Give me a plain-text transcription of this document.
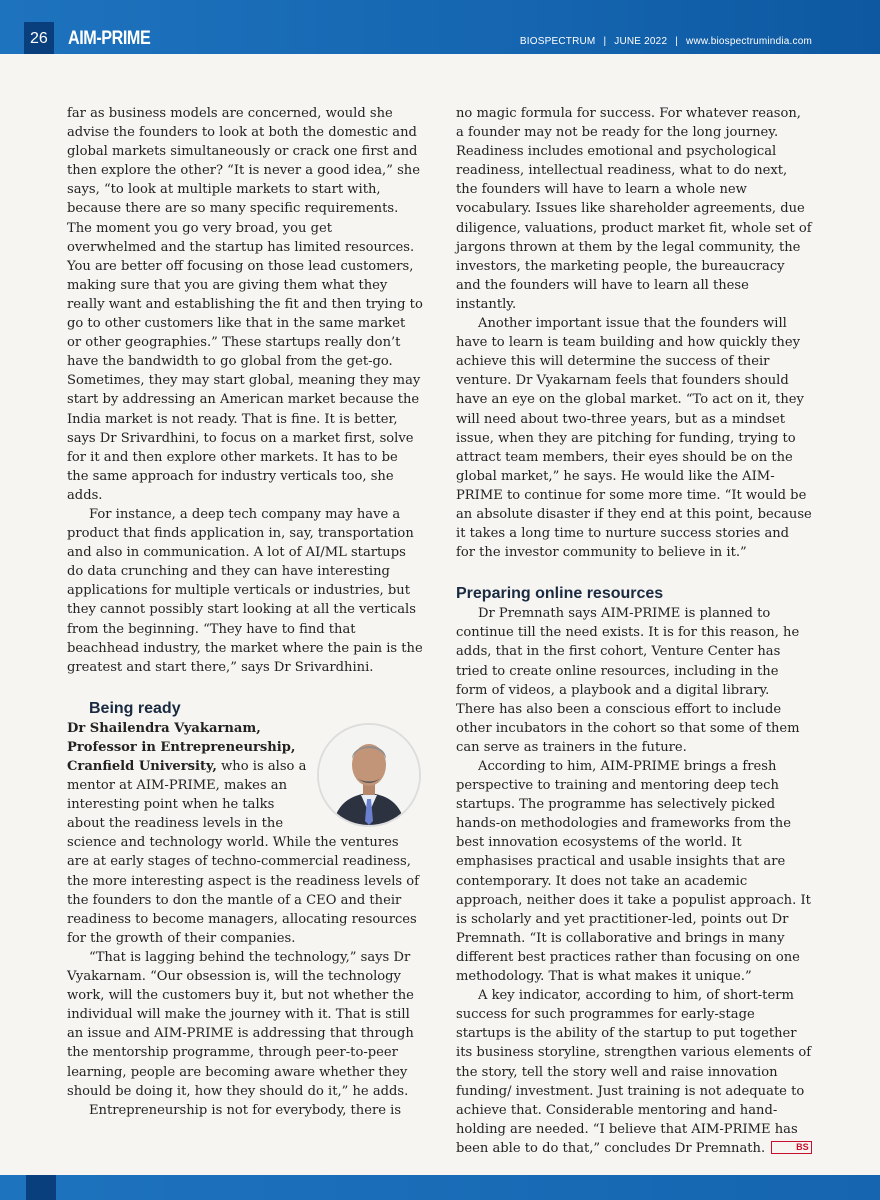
26 AIM-PRIME	BIOSPECTRUM | JUNE 2022 | www.biospectrumindia.com

far as business models are concerned, would she advise the founders to look at both the domestic and global markets simultaneously or crack one first and then explore the other? “It is never a good idea,” she says, “to look at multiple markets to start with, because there are so many specific requirements. The moment you go very broad, you get overwhelmed and the startup has limited resources. You are better off focusing on those lead customers, making sure that you are giving them what they really want and establishing the fit and then trying to go to other customers like that in the same market or other geographies.” These startups really don’t have the bandwidth to go global from the get-go. Sometimes, they may start global, meaning they may start by addressing an American market because the India market is not ready. That is fine. It is better, says Dr Srivardhini, to focus on a market first, solve for it and then explore other markets. It has to be the same approach for industry verticals too, she adds.

For instance, a deep tech company may have a product that finds application in, say, transportation and also in communication. A lot of AI/ML startups do data crunching and they can have interesting applications for multiple verticals or industries, but they cannot possibly start looking at all the verticals from the beginning. “They have to find that beachhead industry, the market where the pain is the greatest and start there,” says Dr Srivardhini.

Being ready

Dr Shailendra Vyakarnam, Professor in Entrepreneurship, Cranfield University, who is also a mentor at AIM-PRIME, makes an interesting point when he talks about the readiness levels in the science and technology world. While the ventures are at early stages of techno-commercial readiness, the more interesting aspect is the readiness levels of the founders to don the mantle of a CEO and their readiness to become managers, allocating resources for the growth of their companies.

“That is lagging behind the technology,” says Dr Vyakarnam. “Our obsession is, will the technology work, will the customers buy it, but not whether the individual will make the journey with it. That is still an issue and AIM-PRIME is addressing that through the mentorship programme, through peer-to-peer learning, people are becoming aware whether they should be doing it, how they should do it,” he adds.

Entrepreneurship is not for everybody, there is

no magic formula for success. For whatever reason, a founder may not be ready for the long journey. Readiness includes emotional and psychological readiness, intellectual readiness, what to do next, the founders will have to learn a whole new vocabulary. Issues like shareholder agreements, due diligence, valuations, product market fit, whole set of jargons thrown at them by the legal community, the investors, the marketing people, the bureaucracy and the founders will have to learn all these instantly.

Another important issue that the founders will have to learn is team building and how quickly they achieve this will determine the success of their venture. Dr Vyakarnam feels that founders should have an eye on the global market. “To act on it, they will need about two-three years, but as a mindset issue, when they are pitching for funding, trying to attract team members, their eyes should be on the global market,” he says. He would like the AIM-PRIME to continue for some more time. “It would be an absolute disaster if they end at this point, because it takes a long time to nurture success stories and for the investor community to believe in it.”

Preparing online resources

Dr Premnath says AIM-PRIME is planned to continue till the need exists. It is for this reason, he adds, that in the first cohort, Venture Center has tried to create online resources, including in the form of videos, a playbook and a digital library. There has also been a conscious effort to include other incubators in the cohort so that some of them can serve as trainers in the future.

According to him, AIM-PRIME brings a fresh perspective to training and mentoring deep tech startups. The programme has selectively picked hands-on methodologies and frameworks from the best innovation ecosystems of the world. It emphasises practical and usable insights that are contemporary. It does not take an academic approach, neither does it take a populist approach. It is scholarly and yet practitioner-led, points out Dr Premnath. “It is collaborative and brings in many different best practices rather than focusing on one methodology. That is what makes it unique.”

A key indicator, according to him, of short-term success for such programmes for early-stage startups is the ability of the startup to put together its business storyline, strengthen various elements of the story, tell the story well and raise innovation funding/ investment. Just training is not adequate to achieve that. Considerable mentoring and hand-holding are needed. “I believe that AIM-PRIME has been able to do that,” concludes Dr Premnath.	BS
